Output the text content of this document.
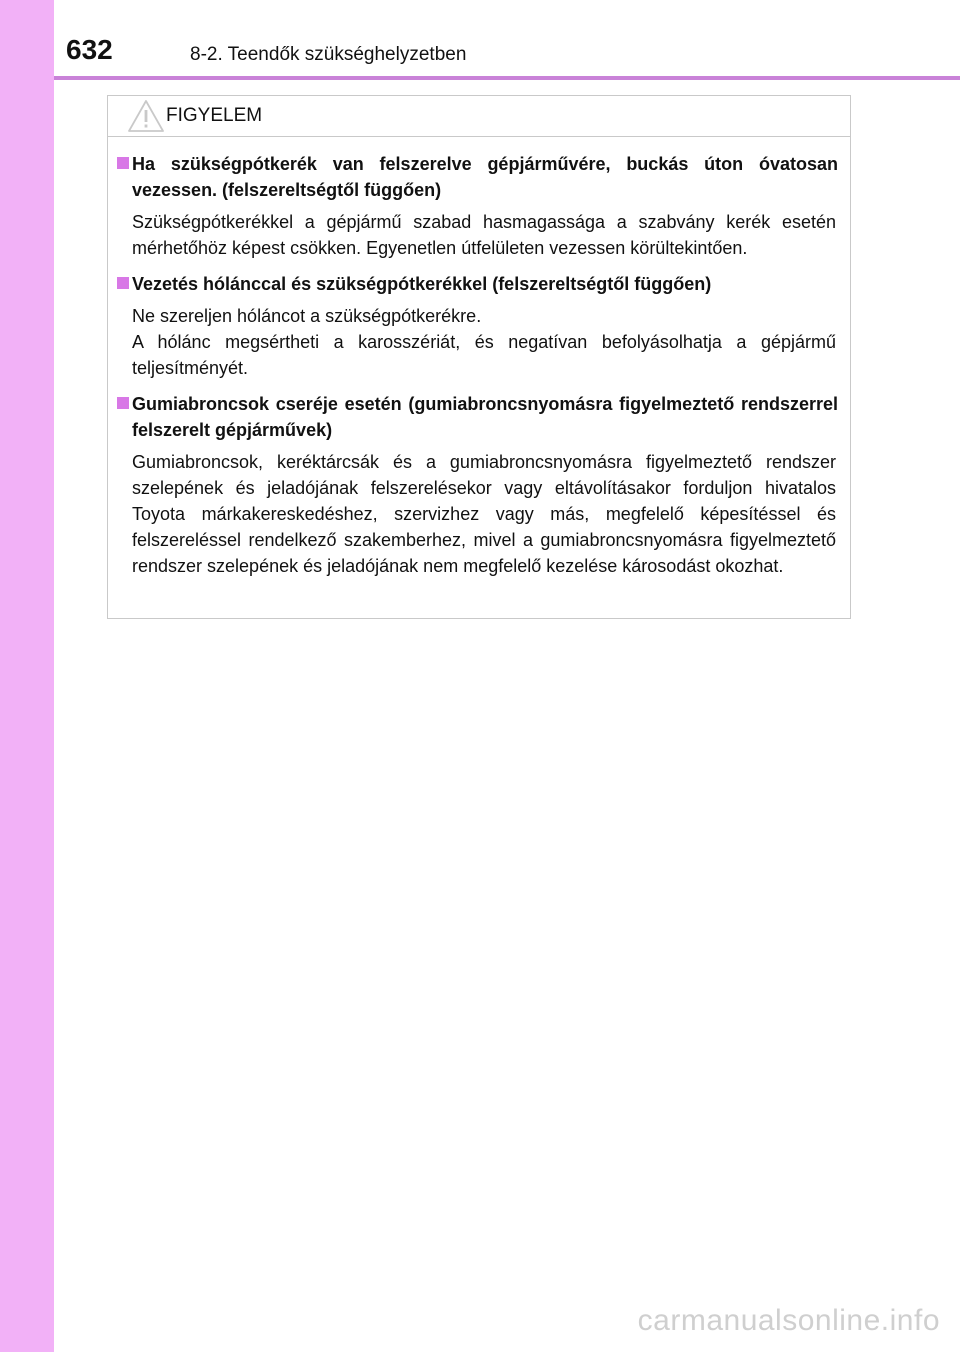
632	8-2. Teendők szükséghelyzetben
FIGYELEM
Ha szükségpótkerék van felszerelve gépjárművére, buckás úton óvatosan vezessen. (felszereltségtől függően)
Szükségpótkerékkel a gépjármű szabad hasmagassága a szabvány kerék esetén mérhetőhöz képest csökken. Egyenetlen útfelületen vezessen körültekintően.
Vezetés hólánccal és szükségpótkerékkel (felszereltségtől függően)
Ne szereljen hóláncot a szükségpótkerékre.
A hólánc megsértheti a karosszériát, és negatívan befolyásolhatja a gépjármű teljesítményét.
Gumiabroncsok cseréje esetén (gumiabroncsnyomásra figyelmeztető rendszerrel felszerelt gépjárművek)
Gumiabroncsok, keréktárcsák és a gumiabroncsnyomásra figyelmeztető rendszer szelepének és jeladójának felszerelésekor vagy eltávolításakor forduljon hivatalos Toyota márkakereskedéshez, szervizhez vagy más, megfelelő képesítéssel és felszereléssel rendelkező szakemberhez, mivel a gumiabroncsnyomásra figyelmeztető rendszer szelepének és jeladójának nem megfelelő kezelése károsodást okozhat.
carmanualsonline.info
